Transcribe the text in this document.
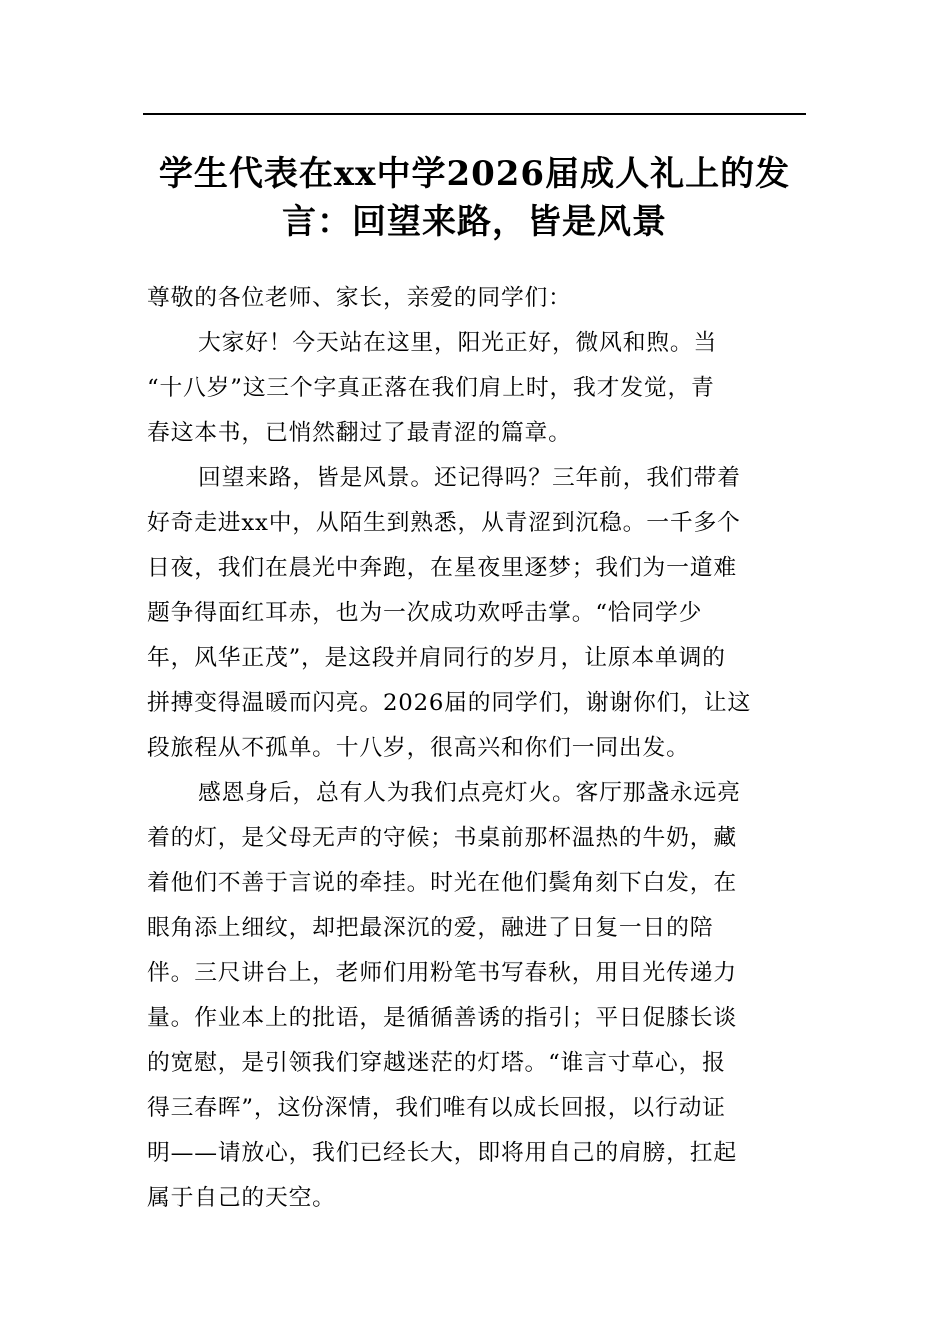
学生代表在xx中学2026届成人礼上的发
言：回望来路，皆是风景

尊敬的各位老师、家长，亲爱的同学们：

大家好！今天站在这里，阳光正好，微风和煦。当
“十八岁”这三个字真正落在我们肩上时，我才发觉，青
春这本书，已悄然翻过了最青涩的篇章。

回望来路，皆是风景。还记得吗？三年前，我们带着
好奇走进xx中，从陌生到熟悉，从青涩到沉稳。一千多个
日夜，我们在晨光中奔跑，在星夜里逐梦；我们为一道难
题争得面红耳赤，也为一次成功欢呼击掌。“恰同学少
年，风华正茂”，是这段并肩同行的岁月，让原本单调的
拼搏变得温暖而闪亮。2026届的同学们，谢谢你们，让这
段旅程从不孤单。十八岁，很高兴和你们一同出发。

感恩身后，总有人为我们点亮灯火。客厅那盏永远亮
着的灯，是父母无声的守候；书桌前那杯温热的牛奶，藏
着他们不善于言说的牵挂。时光在他们鬓角刻下白发，在
眼角添上细纹，却把最深沉的爱，融进了日复一日的陪
伴。三尺讲台上，老师们用粉笔书写春秋，用目光传递力
量。作业本上的批语，是循循善诱的指引；平日促膝长谈
的宽慰，是引领我们穿越迷茫的灯塔。“谁言寸草心，报
得三春晖”，这份深情，我们唯有以成长回报，以行动证
明——请放心，我们已经长大，即将用自己的肩膀，扛起
属于自己的天空。
